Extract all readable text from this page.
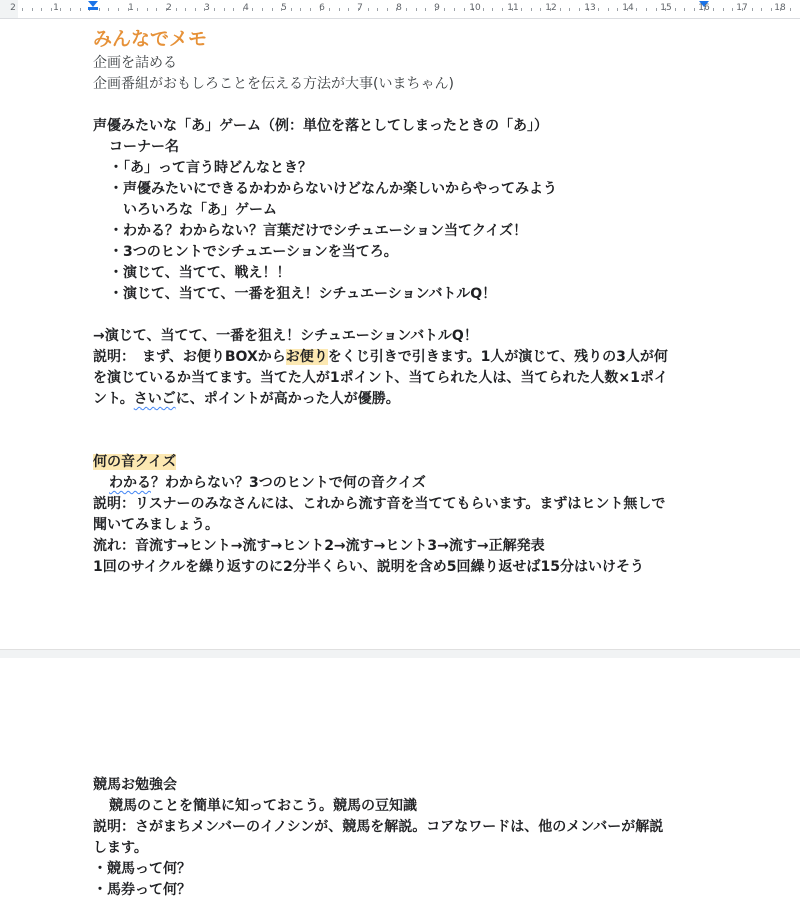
2	1	1	2	3	4	5	6	7	8	9	10	11	12	13	14	15	16	17	18
みんなでメモ
企画を詰める
企画番組がおもしろことを伝える方法が大事(いまちゃん)
声優みたいな「あ」ゲーム（例：単位を落としてしまったときの「あ」）
コーナー名
・「あ」って言う時どんなとき？
・声優みたいにできるかわからないけどなんか楽しいからやってみよう
いろいろな「あ」ゲーム
・わかる？わからない？言葉だけでシチュエーション当てクイズ！
・3つのヒントでシチュエーションを当てろ。
・演じて、当てて、戦え！！
・演じて、当てて、一番を狙え！シチュエーションバトルQ！
→演じて、当てて、一番を狙え！シチュエーションバトルQ！
説明：　まず、お便りBOXからお便りをくじ引きで引きます。1人が演じて、残りの3人が何
を演じているか当てます。当てた人が1ポイント、当てられた人は、当てられた人数×1ポイ
ント。さいごに、ポイントが高かった人が優勝。
何の音クイズ
わかる？わからない？3つのヒントで何の音クイズ
説明：リスナーのみなさんには、これから流す音を当ててもらいます。まずはヒント無しで
聞いてみましょう。
流れ：音流す→ヒント→流す→ヒント2→流す→ヒント3→流す→正解発表
1回のサイクルを繰り返すのに2分半くらい、説明を含め5回繰り返せば15分はいけそう
競馬お勉強会
競馬のことを簡単に知っておこう。競馬の豆知識
説明：さがまちメンバーのイノシンが、競馬を解説。コアなワードは、他のメンバーが解説
します。
・競馬って何？
・馬券って何？
